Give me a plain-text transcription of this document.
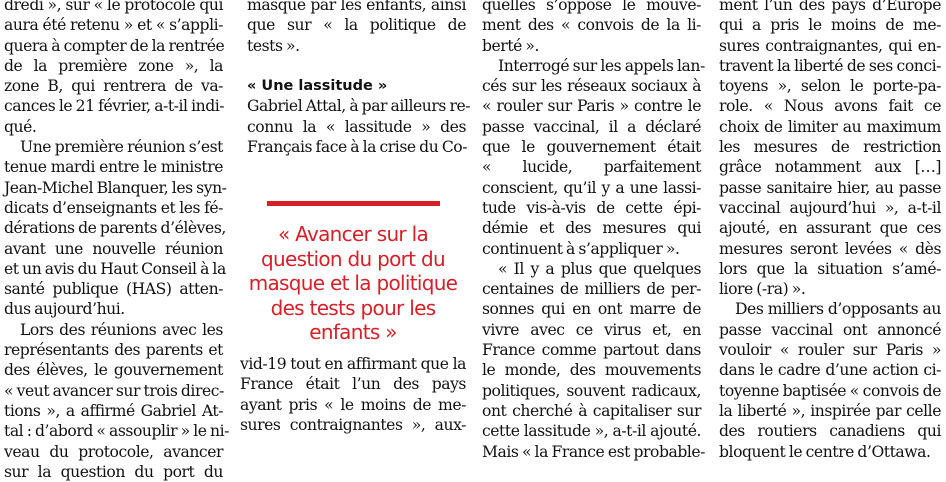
dredi », sur « le protocole qui
aura été retenu » et « s’appli-
quera à compter de la rentrée
de la première zone », la
zone B, qui rentrera de va-
cances le 21 février, a-t-il indi-
qué.
Une première réunion s’est
tenue mardi entre le ministre
Jean-Michel Blanquer, les syn-
dicats d’enseignants et les fé-
dérations de parents d’élèves,
avant une nouvelle réunion
et un avis du Haut Conseil à la
santé publique (HAS) atten-
dus aujourd’hui.
Lors des réunions avec les
représentants des parents et
des élèves, le gouvernement
« veut avancer sur trois direc-
tions », a affirmé Gabriel At-
tal : d’abord « assouplir » le ni-
veau du protocole, avancer
sur la question du port du
masque par les enfants, ainsi
que sur « la politique de
tests ».
« Une lassitude »
Gabriel Attal, à par ailleurs re-
connu la « lassitude » des
Français face à la crise du Co-
quelles s’oppose le mouve-
ment des « convois de la li-
berté ».
Interrogé sur les appels lan-
cés sur les réseaux sociaux à
« rouler sur Paris » contre le
passe vaccinal, il a déclaré
que le gouvernement était
« lucide, parfaitement
conscient, qu’il y a une lassi-
tude vis-à-vis de cette épi-
démie et des mesures qui
continuent à s’appliquer ».
« Il y a plus que quelques
centaines de milliers de per-
sonnes qui en ont marre de
vivre avec ce virus et, en
France comme partout dans
le monde, des mouvements
politiques, souvent radicaux,
ont cherché à capitaliser sur
cette lassitude », a-t-il ajouté.
Mais « la France est probable-
ment l’un des pays d’Europe
qui a pris le moins de me-
sures contraignantes, qui en-
travent la liberté de ses conci-
toyens », selon le porte-pa-
role. « Nous avons fait ce
choix de limiter au maximum
les mesures de restriction
grâce notamment aux […]
passe sanitaire hier, au passe
vaccinal aujourd’hui », a-t-il
ajouté, en assurant que ces
mesures seront levées « dès
lors que la situation s’amé-
liore (-ra) ».
Des milliers d’opposants au
passe vaccinal ont annoncé
vouloir « rouler sur Paris »
dans le cadre d’une action ci-
toyenne baptisée « convois de
la liberté », inspirée par celle
des routiers canadiens qui
bloquent le centre d’Ottawa.
« Avancer sur la
question du port du
masque et la politique
des tests pour les
enfants »
vid-19 tout en affirmant que la
France était l’un des pays
ayant pris « le moins de me-
sures contraignantes », aux-
